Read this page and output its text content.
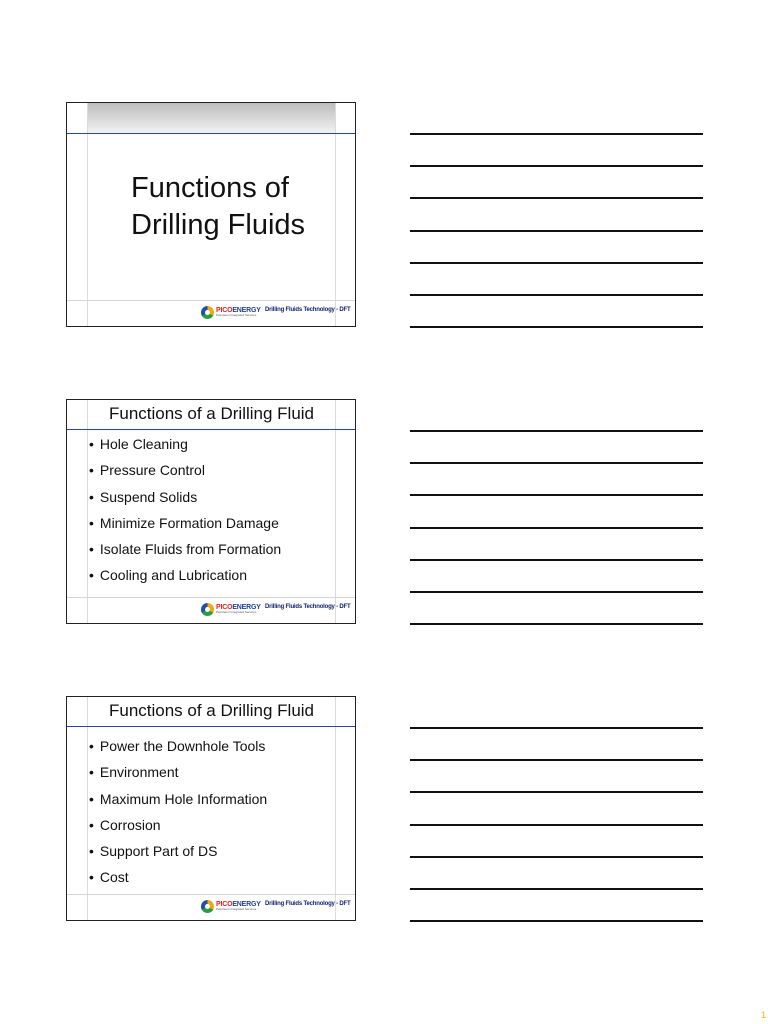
Functions of Drilling Fluids
PICOENERGY
Petroleum Integrated Services
Drilling Fluids Technology - DFT
Functions of a Drilling Fluid
• Hole Cleaning
• Pressure Control
• Suspend Solids
• Minimize Formation Damage
• Isolate Fluids from Formation
• Cooling and Lubrication
PICOENERGY
Petroleum Integrated Services
Drilling Fluids Technology - DFT
Functions of a Drilling Fluid
• Power the Downhole Tools
• Environment
• Maximum Hole Information
• Corrosion
• Support Part of DS
• Cost
PICOENERGY
Petroleum Integrated Services
Drilling Fluids Technology - DFT
1
